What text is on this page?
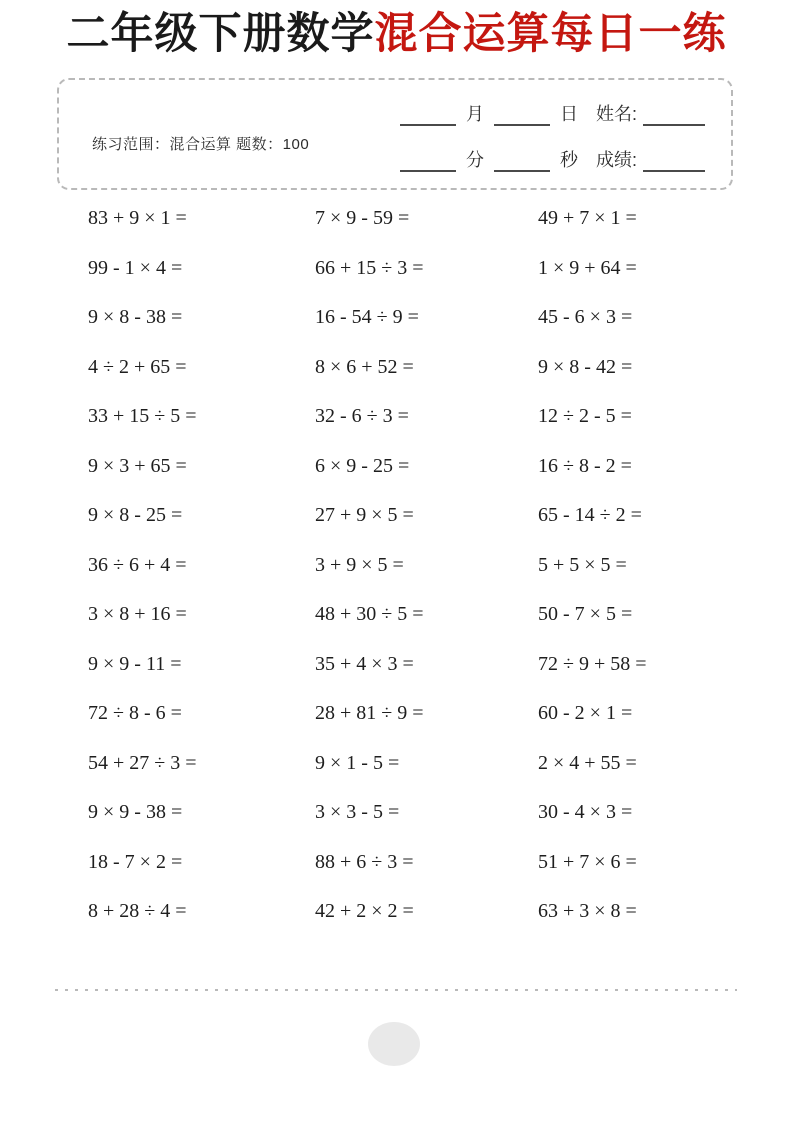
二年级下册数学混合运算每日一练
练习范围：混合运算 题数：100
月	日 姓名:
分	秒 成绩:
83 + 9 × 1 =	7 × 9 - 59 =	49 + 7 × 1 =
99 - 1 × 4 =	66 + 15 ÷ 3 =	1 × 9 + 64 =
9 × 8 - 38 =	16 - 54 ÷ 9 =	45 - 6 × 3 =
4 ÷ 2 + 65 =	8 × 6 + 52 =	9 × 8 - 42 =
33 + 15 ÷ 5 =	32 - 6 ÷ 3 =	12 ÷ 2 - 5 =
9 × 3 + 65 =	6 × 9 - 25 =	16 ÷ 8 - 2 =
9 × 8 - 25 =	27 + 9 × 5 =	65 - 14 ÷ 2 =
36 ÷ 6 + 4 =	3 + 9 × 5 =	5 + 5 × 5 =
3 × 8 + 16 =	48 + 30 ÷ 5 =	50 - 7 × 5 =
9 × 9 - 11 =	35 + 4 × 3 =	72 ÷ 9 + 58 =
72 ÷ 8 - 6 =	28 + 81 ÷ 9 =	60 - 2 × 1 =
54 + 27 ÷ 3 =	9 × 1 - 5 =	2 × 4 + 55 =
9 × 9 - 38 =	3 × 3 - 5 =	30 - 4 × 3 =
18 - 7 × 2 =	88 + 6 ÷ 3 =	51 + 7 × 6 =
8 + 28 ÷ 4 =	42 + 2 × 2 =	63 + 3 × 8 =
